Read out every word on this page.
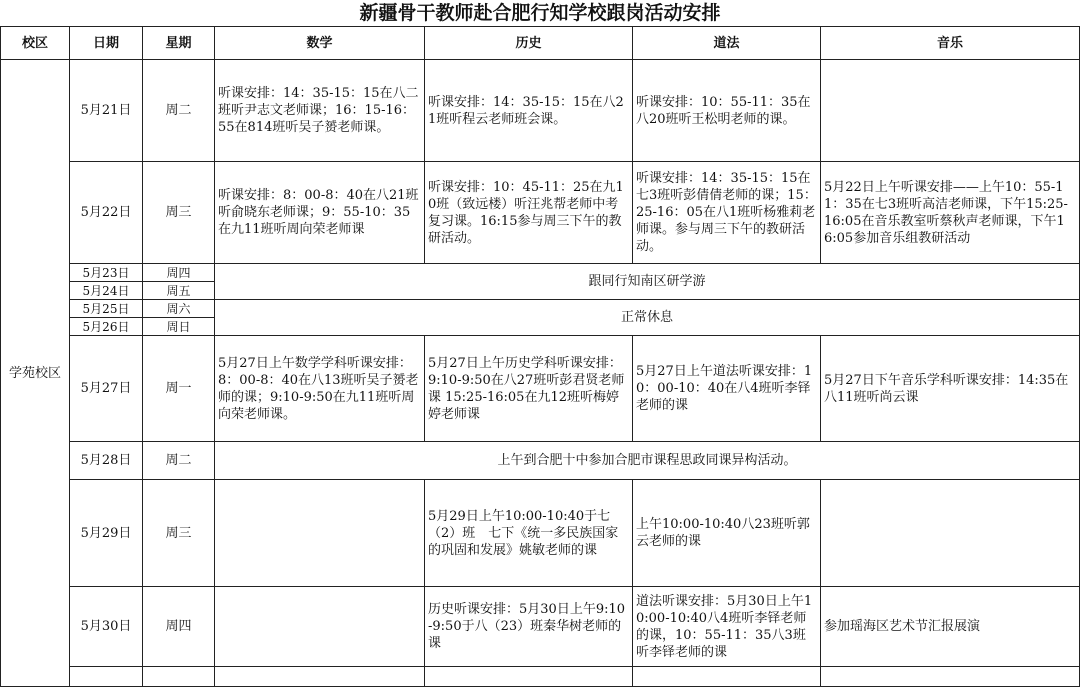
新疆骨干教师赴合肥行知学校跟岗活动安排
校区	日期	星期	数学	历史	道法	音乐
学苑校区	5月21日	周二	听课安排：14：35-15：15在八二班听尹志文老师课；16：15-16：55在814班听吴子赟老师课。	听课安排：14：35-15：15在八21班听程云老师班会课。	听课安排：10：55-11：35在八20班听王松明老师的课。	
	5月22日	周三	听课安排：8：00-8：40在八21班听俞晓东老师课；9：55-10：35在九11班听周向荣老师课	听课安排：10：45-11：25在九10班（致远楼）听汪兆帮老师中考复习课。16:15参与周三下午的教研活动。	听课安排：14：35-15：15在七3班听彭倩倩老师的课；15：25-16：05在八1班听杨雅莉老师课。参与周三下午的教研活动。	5月22日上午听课安排——上午10：55-11：35在七3班听高洁老师课，下午15:25-16:05在音乐教室听蔡秋声老师课，下午16:05参加音乐组教研活动
	5月23日	周四	跟同行知南区研学游			
	5月24日	周五				
	5月25日	周六	正常休息			
	5月26日	周日				
	5月27日	周一	5月27日上午数学学科听课安排：8：00-8：40在八13班听吴子赟老师的课；9:10-9:50在九11班听周向荣老师课。	5月27日上午历史学科听课安排：9:10-9:50在八27班听彭君贤老师课 15:25-16:05在九12班听梅婷婷老师课	5月27日上午道法听课安排：10：00-10：40在八4班听李铎老师的课	5月27日下午音乐学科听课安排：14:35在八11班听尚云课
	5月28日	周二	上午到合肥十中参加合肥市课程思政同课异构活动。			
	5月29日	周三		5月29日上午10:00-10:40于七（2）班　七下《统一多民族国家的巩固和发展》姚敏老师的课	上午10:00-10:40八23班听郭云老师的课	
	5月30日	周四		历史听课安排：5月30日上午9:10-9:50于八（23）班秦华树老师的课	道法听课安排：5月30日上午10:00-10:40八4班听李铎老师的课，10：55-11：35八3班听李铎老师的课	参加瑶海区艺术节汇报展演
